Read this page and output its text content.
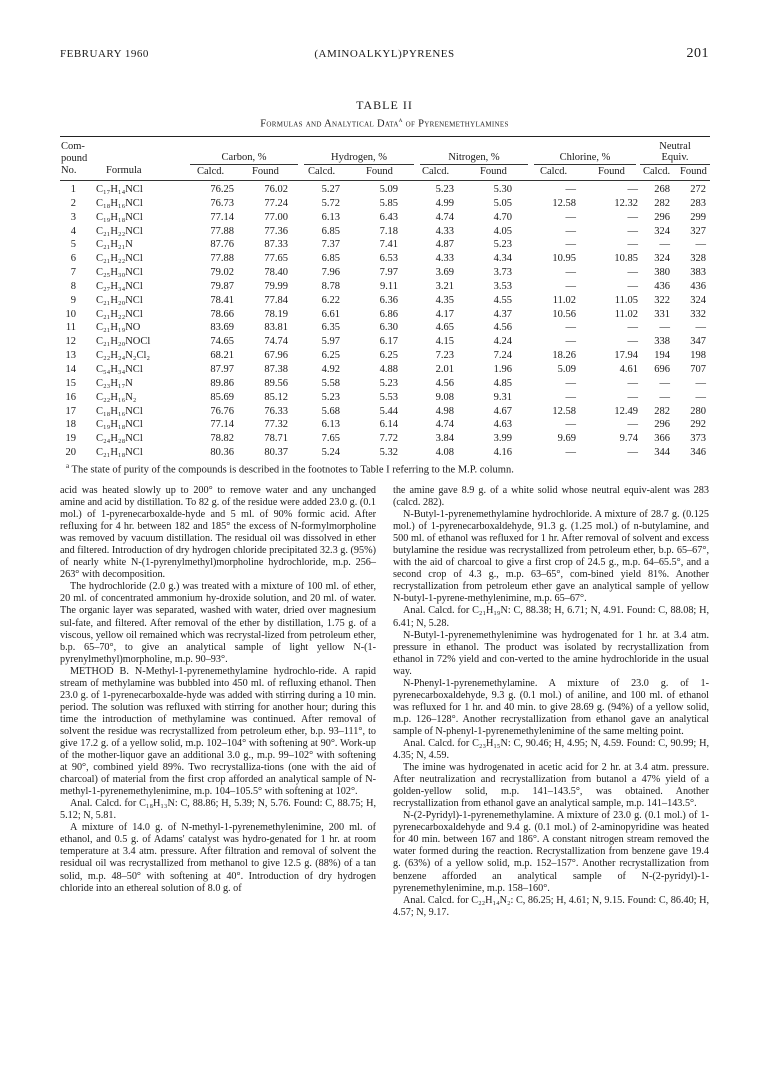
FEBRUARY 1960	(AMINOALKYL)PYRENES	201
TABLE II
Formulas and Analytical Data$^a$ of Pyrenemethylamines
Com-
pound
No.	Formula
Carbon, %	Hydrogen, %	Nitrogen, %	Chlorine, %
Neutral
Equiv.
Calcd.	Found	Calcd.	Found	Calcd.	Found	Calcd.	Found Calcd. Found
1 C₁₇H₁₄NCl	76.25	76.02	5.27	5.09	5.23	5.30	—	—	268	272
2 C₁₈H₁₆NCl	76.73	77.24	5.72	5.85	4.99	5.05	12.58	12.32	282	283
3 C₁₉H₁₈NCl	77.14	77.00	6.13	6.43	4.74	4.70	—	—	296	299
4 C₂₁H₂₂NCl	77.88	77.36	6.85	7.18	4.33	4.05	—	—	324	327
5 C₂₁H₂₁N	87.76	87.33	7.37	7.41	4.87	5.23	—	—	—	—
6 C₂₁H₂₂NCl	77.88	77.65	6.85	6.53	4.33	4.34	10.95	10.85	324	328
7 C₂₅H₃₀NCl	79.02	78.40	7.96	7.97	3.69	3.73	—	—	380	383
8 C₂₇H₃₄NCl	79.87	79.99	8.78	9.11	3.21	3.53	—	—	436	436
9 C₂₁H₂₀NCl	78.41	77.84	6.22	6.36	4.35	4.55	11.02	11.05	322	324
10 C₂₁H₂₂NCl	78.66	78.19	6.61	6.86	4.17	4.37	10.56	11.02	331	332
11 C₂₁H₁₉NO	83.69	83.81	6.35	6.30	4.65	4.56	—	—	—	—
12 C₂₁H₂₀NOCl	74.65	74.74	5.97	6.17	4.15	4.24	—	—	338	347
13 C₂₂H₂₄N₂Cl₂	68.21	67.96	6.25	6.25	7.23	7.24	18.26	17.94	194	198
14 C₅₄H₃₄NCl	87.97	87.38	4.92	4.88	2.01	1.96	5.09	4.61	696	707
15 C₂₃H₁₇N	89.86	89.56	5.58	5.23	4.56	4.85	—	—	—	—
16 C₂₂H₁₆N₂	85.69	85.12	5.23	5.53	9.08	9.31	—	—	—	—
17 C₁₈H₁₆NCl	76.76	76.33	5.68	5.44	4.98	4.67	12.58	12.49	282	280
18 C₁₉H₁₈NCl	77.14	77.32	6.13	6.14	4.74	4.63	—	—	296	292
19 C₂₄H₂₈NCl	78.82	78.71	7.65	7.72	3.84	3.99	9.69	9.74	366	373
20 C₂₁H₁₈NCl	80.36	80.37	5.24	5.32	4.08	4.16	—	—	344	346
$^a$ The state of purity of the compounds is described in the footnotes to Table I referring to the M.P. column.

acid was heated slowly up to 200° to remove water and any unchanged amine and acid by distillation. To 82 g. of the residue were added 23.0 g. (0.1 mol.) of 1-pyrenecarboxalde-hyde and 5 ml. of 90% formic acid. After refluxing for 4 hr. between 182 and 185° the excess of N-formylmorpholine was removed by vacuum distillation. The residual oil was dissolved in ether and filtered. Introduction of dry hydrogen chloride precipitated 32.3 g. (95%) of nearly white N-(1-pyrenylmethyl)morpholine hydrochloride, m.p. 256–263° with decomposition.

The hydrochloride (2.0 g.) was treated with a mixture of 100 ml. of ether, 20 ml. of concentrated ammonium hy-droxide solution, and 20 ml. of water. The organic layer was separated, washed with water, dried over magnesium sul-fate, and filtered. After removal of the ether by distillation, 1.75 g. of a viscous, yellow oil remained which was recrystal-lized from petroleum ether, b.p. 65–70°, to give an analytical sample of light yellow N-(1-pyrenylmethyl)morpholine, m.p. 90–93°.

METHOD B. N-Methyl-1-pyrenemethylamine hydrochlo-ride. A rapid stream of methylamine was bubbled into 450 ml. of refluxing ethanol. Then 23.0 g. of 1-pyrenecarboxalde-hyde was added with stirring during a 10 min. period. The solution was refluxed with stirring for another hour; during this time the introduction of methylamine was continued. After removal of solvent the residue was recrystallized from petroleum ether, b.p. 93–111°, to give 17.2 g. of a yellow solid, m.p. 102–104° with softening at 90°. Work-up of the mother-liquor gave an additional 3.0 g., m.p. 99–102° with softening at 90°, combined yield 89%. Two recrystalliza-tions (one with the aid of charcoal) of material from the first crop afforded an analytical sample of N-methyl-1-pyrenemethylenimine, m.p. 104–105.5° with softening at 102°.

Anal. Calcd. for C₁₈H₁₃N: C, 88.86; H, 5.39; N, 5.76. Found: C, 88.75; H, 5.12; N, 5.81.

A mixture of 14.0 g. of N-methyl-1-pyrenemethylenimine, 200 ml. of ethanol, and 0.5 g. of Adams' catalyst was hydro-genated for 1 hr. at room temperature at 3.4 atm. pressure. After filtration and removal of solvent the residual oil was recrystallized from methanol to give 12.5 g. (88%) of a tan solid, m.p. 48–50° with softening at 40°. Introduction of dry hydrogen chloride into an ethereal solution of 8.0 g. of

the amine gave 8.9 g. of a white solid whose neutral equiv-alent was 283 (calcd. 282).

N-Butyl-1-pyrenemethylamine hydrochloride. A mixture of 28.7 g. (0.125 mol.) of 1-pyrenecarboxaldehyde, 91.3 g. (1.25 mol.) of n-butylamine, and 500 ml. of ethanol was refluxed for 1 hr. After removal of solvent and excess butylamine the residue was recrystallized from petroleum ether, b.p. 65–67°, with the aid of charcoal to give a first crop of 24.5 g., m.p. 64–65.5°, and a second crop of 4.3 g., m.p. 63–65°, com-bined yield 81%. Another recrystallization from petroleum ether gave an analytical sample of yellow N-butyl-1-pyrene-methylenimine, m.p. 65–67°.

Anal. Calcd. for C₂₁H₁₉N: C, 88.38; H, 6.71; N, 4.91. Found: C, 88.08; H, 6.41; N, 5.28.

N-Butyl-1-pyrenemethylenimine was hydrogenated for 1 hr. at 3.4 atm. pressure in ethanol. The product was isolated by recrystallization from ethanol in 72% yield and con-verted to the amine hydrochloride in the usual way.

N-Phenyl-1-pyrenemethylamine. A mixture of 23.0 g. of 1-pyrenecarboxaldehyde, 9.3 g. (0.1 mol.) of aniline, and 100 ml. of ethanol was refluxed for 1 hr. and 40 min. to give 28.69 g. (94%) of a yellow solid, m.p. 126–128°. Another recrystallization from ethanol gave an analytical sample of N-phenyl-1-pyrenemethylenimine of the same melting point.

Anal. Calcd. for C₂₃H₁₅N: C, 90.46; H, 4.95; N, 4.59. Found: C, 90.99; H, 4.35; N, 4.59.

The imine was hydrogenated in acetic acid for 2 hr. at 3.4 atm. pressure. After neutralization and recrystallization from butanol a 47% yield of a golden-yellow solid, m.p. 141–143.5°, was obtained. Another recrystallization from ethanol gave an analytical sample, m.p. 141–143.5°.

N-(2-Pyridyl)-1-pyrenemethylamine. A mixture of 23.0 g. (0.1 mol.) of 1-pyrenecarboxaldehyde and 9.4 g. (0.1 mol.) of 2-aminopyridine was heated for 40 min. between 167 and 186°. A constant nitrogen stream removed the water formed during the reaction. Recrystallization from benzene gave 19.4 g. (63%) of a yellow solid, m.p. 152–157°. Another recrystallization from benzene afforded an analytical sample of N-(2-pyridyl)-1-pyrenemethylenimine, m.p. 158–160°.

Anal. Calcd. for C₂₂H₁₄N₂: C, 86.25; H, 4.61; N, 9.15. Found: C, 86.40; H, 4.57; N, 9.17.
